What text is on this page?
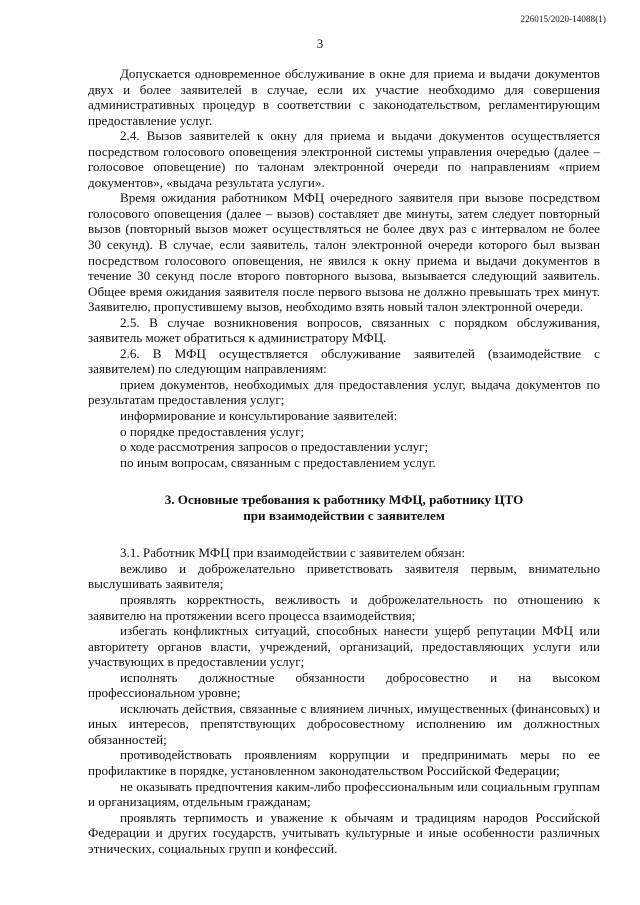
226015/2020-14088(1)
3

Допускается одновременное обслуживание в окне для приема и выдачи документов двух и более заявителей в случае, если их участие необходимо для совершения административных процедур в соответствии с законодательством, регламентирующим предоставление услуг.

2.4. Вызов заявителей к окну для приема и выдачи документов осуществляется посредством голосового оповещения электронной системы управления очередью (далее – голосовое оповещение) по талонам электронной очереди по направлениям «прием документов», «выдача результата услуги».

Время ожидания работником МФЦ очередного заявителя при вызове посредством голосового оповещения (далее – вызов) составляет две минуты, затем следует повторный вызов (повторный вызов может осуществляться не более двух раз с интервалом не более 30 секунд). В случае, если заявитель, талон электронной очереди которого был вызван посредством голосового оповещения, не явился к окну приема и выдачи документов в течение 30 секунд после второго повторного вызова, вызывается следующий заявитель. Общее время ожидания заявителя после первого вызова не должно превышать трех минут. Заявителю, пропустившему вызов, необходимо взять новый талон электронной очереди.

2.5. В случае возникновения вопросов, связанных с порядком обслуживания, заявитель может обратиться к администратору МФЦ.

2.6. В МФЦ осуществляется обслуживание заявителей (взаимодействие с заявителем) по следующим направлениям:

прием документов, необходимых для предоставления услуг, выдача документов по результатам предоставления услуг;

информирование и консультирование заявителей:

о порядке предоставления услуг;

о ходе рассмотрения запросов о предоставлении услуг;

по иным вопросам, связанным с предоставлением услуг.

3. Основные требования к работнику МФЦ, работнику ЦТО

при взаимодействии с заявителем

3.1. Работник МФЦ при взаимодействии с заявителем обязан:

вежливо и доброжелательно приветствовать заявителя первым, внимательно выслушивать заявителя;

проявлять корректность, вежливость и доброжелательность по отношению к заявителю на протяжении всего процесса взаимодействия;

избегать конфликтных ситуаций, способных нанести ущерб репутации МФЦ или авторитету органов власти, учреждений, организаций, предоставляющих услуги или участвующих в предоставлении услуг;

исполнять должностные обязанности добросовестно и на высоком профессиональном уровне;

исключать действия, связанные с влиянием личных, имущественных (финансовых) и иных интересов, препятствующих добросовестному исполнению им должностных обязанностей;

противодействовать проявлениям коррупции и предпринимать меры по ее профилактике в порядке, установленном законодательством Российской Федерации;

не оказывать предпочтения каким-либо профессиональным или социальным группам и организациям, отдельным гражданам;

проявлять терпимость и уважение к обычаям и традициям народов Российской Федерации и других государств, учитывать культурные и иные особенности различных этнических, социальных групп и конфессий.
